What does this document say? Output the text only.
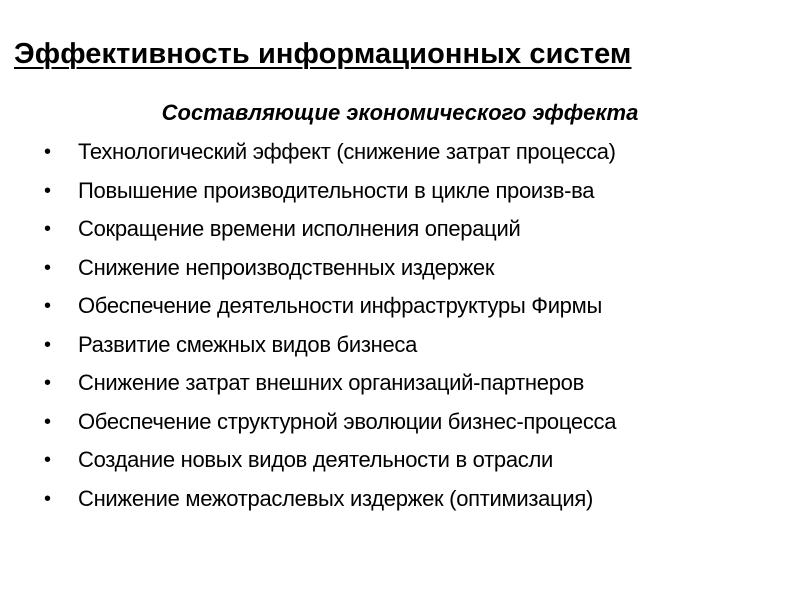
Эффективность информационных систем
Составляющие экономического эффекта
• Технологический эффект (снижение затрат процесса)
• Повышение производительности в цикле произв-ва
• Сокращение времени исполнения операций
• Снижение непроизводственных издержек
• Обеспечение деятельности инфраструктуры Фирмы
• Развитие смежных видов бизнеса
• Снижение затрат внешних организаций-партнеров
• Обеспечение структурной эволюции бизнес-процесса
• Создание новых видов деятельности в отрасли
• Снижение межотраслевых издержек (оптимизация)
